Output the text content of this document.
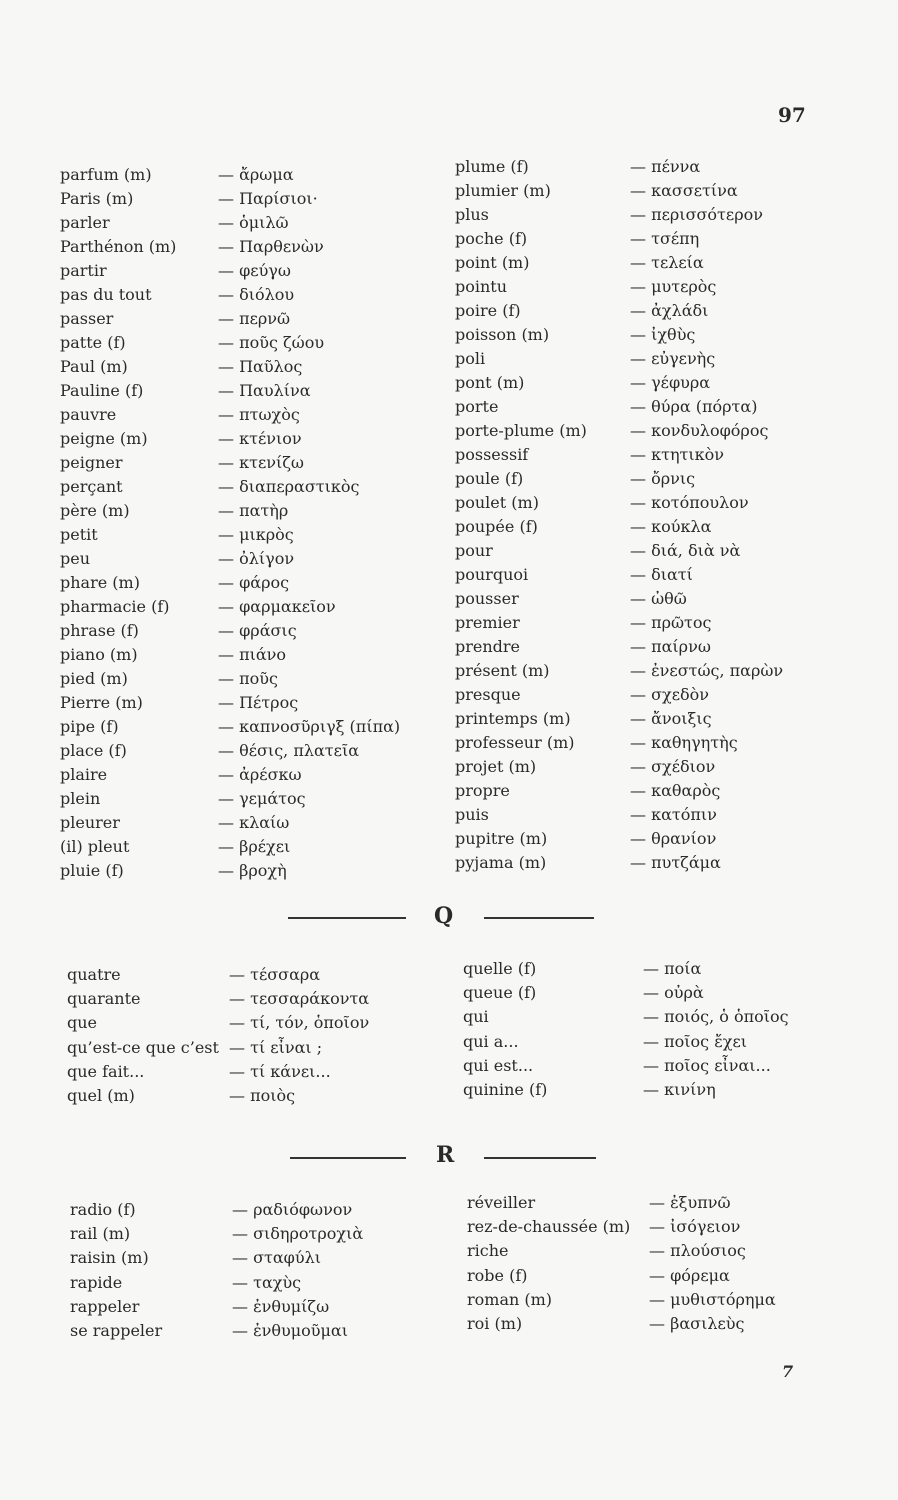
97
parfum (m)	— ἄρωμα
Paris (m)	— Παρίσιοι·
parler	— ὁμιλῶ
Parthénon (m)	— Παρθενὼν
partir	— φεύγω
pas du tout	— διόλου
passer	— περνῶ
patte (f)	— ποῦς ζώου
Paul (m)	— Παῦλος
Pauline (f)	— Παυλίνα
pauvre	— πτωχὸς
peigne (m)	— κτένιον
peigner	— κτενίζω
perçant	— διαπεραστικὸς
père (m)	— πατὴρ
petit	— μικρὸς
peu	— ὀλίγον
phare (m)	— φάρος
pharmacie (f)	— φαρμακεῖον
phrase (f)	— φράσις
piano (m)	— πιάνο
pied (m)	— ποῦς
Pierre (m)	— Πέτρος
pipe (f)	— καπνοσῦριγξ (πίπα)
place (f)	— θέσις, πλατεῖα
plaire	— ἀρέσκω
plein	— γεμάτος
pleurer	— κλαίω
(il) pleut	— βρέχει
pluie (f)	— βροχὴ
plume (f)	— πέννα
plumier (m)	— κασσετίνα
plus	— περισσότερον
poche (f)	— τσέπη
point (m)	— τελεία
pointu	— μυτερὸς
poire (f)	— ἀχλάδι
poisson (m)	— ἰχθὺς
poli	— εὐγενὴς
pont (m)	— γέφυρα
porte	— θύρα (πόρτα)
porte-plume (m)	— κονδυλοφόρος
possessif	— κτητικὸν
poule (f)	— ὄρνις
poulet (m)	— κοτόπουλον
poupée (f)	— κούκλα
pour	— διά, διὰ νὰ
pourquoi	— διατί
pousser	— ὠθῶ
premier	— πρῶτος
prendre	— παίρνω
présent (m)	— ἐνεστώς, παρὼν
presque	— σχεδὸν
printemps (m)	— ἄνοιξις
professeur (m)	— καθηγητὴς
projet (m)	— σχέδιον
propre	— καθαρὸς
puis	— κατόπιν
pupitre (m)	— θρανίον
pyjama (m)	— πυτζάμα
Q
quatre	— τέσσαρα
quarante	— τεσσαράκοντα
que	— τί, τόν, ὁποῖον
qu’est-ce que c’est — τί εἶναι ;
que fait...	— τί κάνει...
quel (m)	— ποιὸς
quelle (f)	— ποία
queue (f)	— οὐρὰ
qui	— ποιός, ὁ ὁποῖος
qui a...	— ποῖος ἔχει
qui est...	— ποῖος εἶναι...
quinine (f)	— κινίνη
R
radio (f)	— ραδιόφωνον
rail (m)	— σιδηροτροχιὰ
raisin (m)	— σταφύλι
rapide	— ταχὺς
rappeler	— ἐνθυμίζω
se rappeler	— ἐνθυμοῦμαι
réveiller	— ἐξυπνῶ
rez-de-chaussée (m) — ἰσόγειον
riche	— πλούσιος
robe (f)	— φόρεμα
roman (m)	— μυθιστόρημα
roi (m)	— βασιλεὺς
7
